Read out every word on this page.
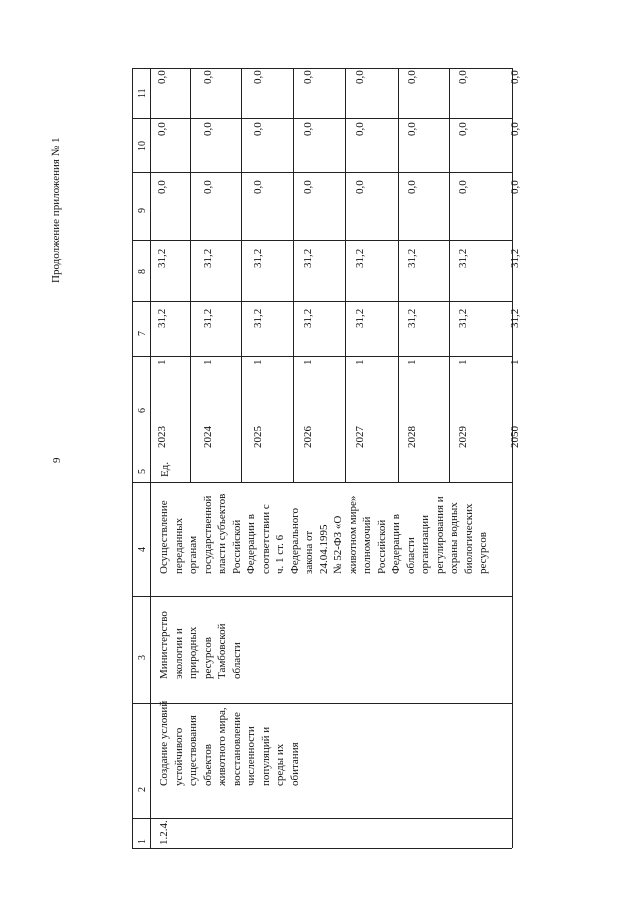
9
Продолжение приложения № 1
1
2
3
4
5
6
7
8
9
10
11
1.2.4.
Создание условий
устойчивого
существования
объектов
животного мира,
восстановление
численности
популяций и
среды их
обитания
Министерство
экологии и
природных
ресурсов
Тамбовской
области
Осуществление
переданных
органам
государственной
власти субъектов
Российской
Федерации в
соответствии с
ч. 1 ст. 6
Федерального
закона от
24.04.1995
№ 52-ФЗ «О
животном мире»
полномочий
Российской
Федерации в
области
организации
регулирования и
охраны водных
биологических
ресурсов
Ед.
2023
1
31,2
31,2
0,0
0,0
0,0
2024
1
31,2
31,2
0,0
0,0
0,0
2025
1
31,2
31,2
0,0
0,0
0,0
2026
1
31,2
31,2
0,0
0,0
0,0
2027
1
31,2
31,2
0,0
0,0
0,0
2028
1
31,2
31,2
0,0
0,0
0,0
2029
1
31,2
31,2
0,0
0,0
0,0
2050
1
31,2
31,2
0,0
0,0
0,0
